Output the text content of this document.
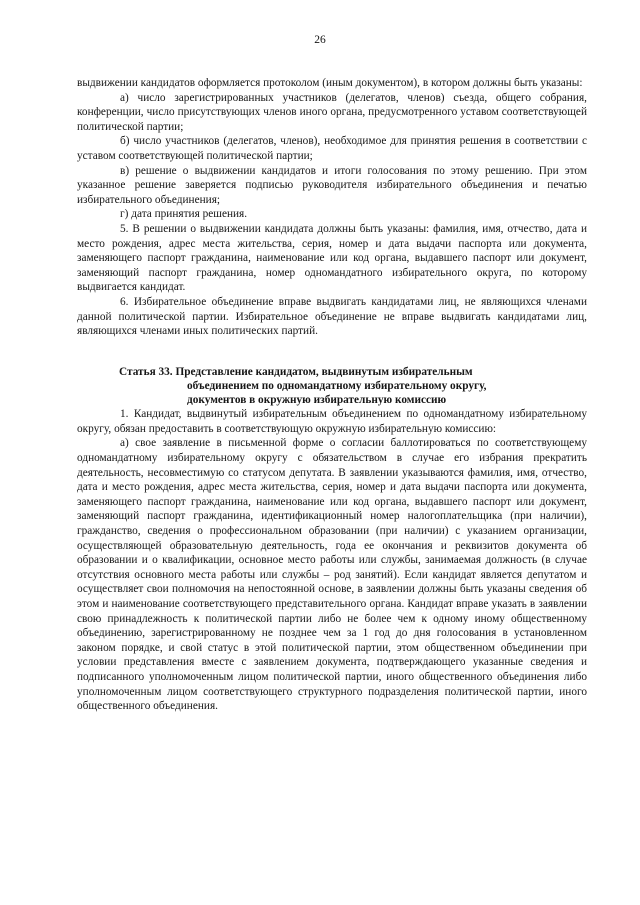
26

выдвижении кандидатов оформляется протоколом (иным документом), в котором должны быть указаны:

а) число зарегистрированных участников (делегатов, членов) съезда, общего собрания, конференции, число присутствующих членов иного органа, предусмотренного уставом соответствующей политической партии;

б) число участников (делегатов, членов), необходимое для принятия решения в соответствии с уставом соответствующей политической партии;

в) решение о выдвижении кандидатов и итоги голосования по этому решению. При этом указанное решение заверяется подписью руководителя избирательного объединения и печатью избирательного объединения;

г) дата принятия решения.

5. В решении о выдвижении кандидата должны быть указаны: фамилия, имя, отчество, дата и место рождения, адрес места жительства, серия, номер и дата выдачи паспорта или документа, заменяющего паспорт гражданина, наименование или код органа, выдавшего паспорт или документ, заменяющий паспорт гражданина, номер одномандатного избирательного округа, по которому выдвигается кандидат.

6. Избирательное объединение вправе выдвигать кандидатами лиц, не являющихся членами данной политической партии. Избирательное объединение не вправе выдвигать кандидатами лиц, являющихся членами иных политических партий.

Статья 33. Представление кандидатом, выдвинутым избирательным
объединением по одномандатному избирательному округу,
документов в окружную избирательную комиссию

1. Кандидат, выдвинутый избирательным объединением по одномандатному избирательному округу, обязан предоставить в соответствующую окружную избирательную комиссию:

а) свое заявление в письменной форме о согласии баллотироваться по соответствующему одномандатному избирательному округу с обязательством в случае его избрания прекратить деятельность, несовместимую со статусом депутата. В заявлении указываются фамилия, имя, отчество, дата и место рождения, адрес места жительства, серия, номер и дата выдачи паспорта или документа, заменяющего паспорт гражданина, наименование или код органа, выдавшего паспорт или документ, заменяющий паспорт гражданина, идентификационный номер налогоплательщика (при наличии), гражданство, сведения о профессиональном образовании (при наличии) с указанием организации, осуществляющей образовательную деятельность, года ее окончания и реквизитов документа об образовании и о квалификации, основное место работы или службы, занимаемая должность (в случае отсутствия основного места работы или службы – род занятий). Если кандидат является депутатом и осуществляет свои полномочия на непостоянной основе, в заявлении должны быть указаны сведения об этом и наименование соответствующего представительного органа. Кандидат вправе указать в заявлении свою принадлежность к политической партии либо не более чем к одному иному общественному объединению, зарегистрированному не позднее чем за 1 год до дня голосования в установленном законом порядке, и свой статус в этой политической партии, этом общественном объединении при условии представления вместе с заявлением документа, подтверждающего указанные сведения и подписанного уполномоченным лицом политической партии, иного общественного объединения либо уполномоченным лицом соответствующего структурного подразделения политической партии, иного общественного объединения.
